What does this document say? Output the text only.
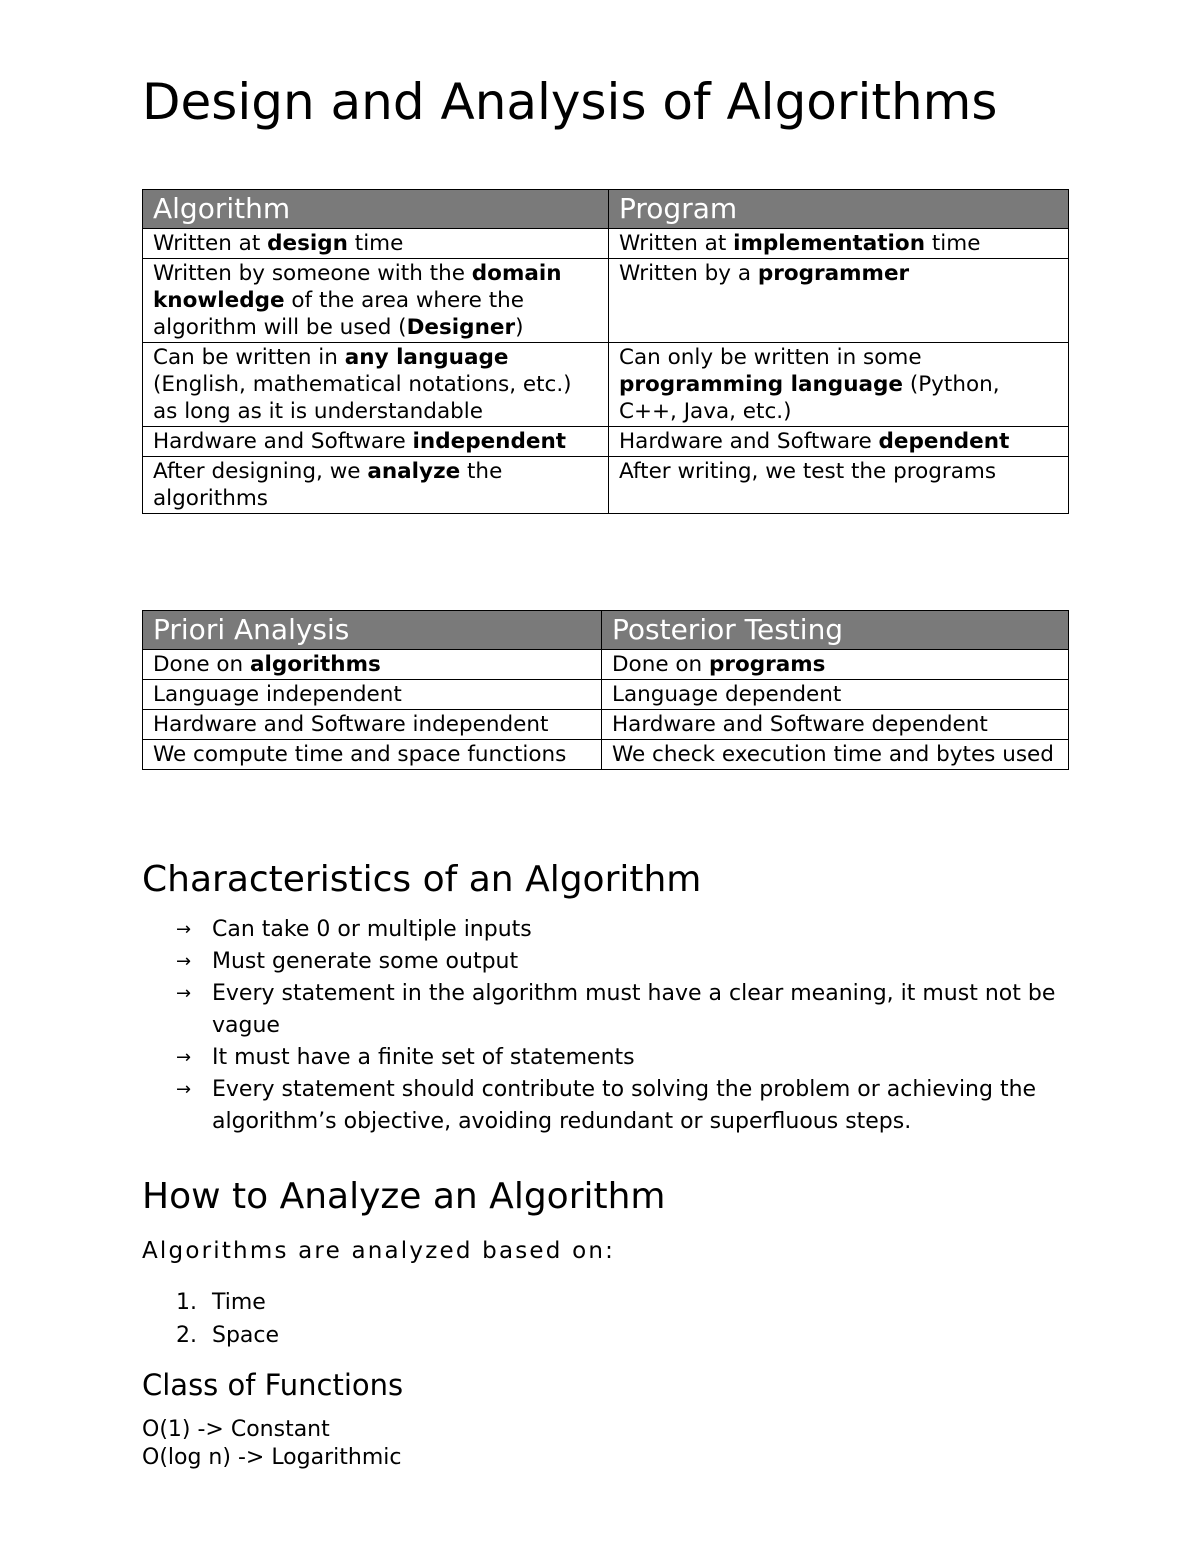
Design and Analysis of Algorithms
Algorithm	Program
Written at design time	Written at implementation time
Written by someone with the domain knowledge of the area where the algorithm will be used (Designer)	Written by a programmer
Can be written in any language (English, mathematical notations, etc.) as long as it is understandable	Can only be written in some programming language (Python, C++, Java, etc.)
Hardware and Software independent	Hardware and Software dependent
After designing, we analyze the algorithms	After writing, we test the programs
Priori Analysis	Posterior Testing
Done on algorithms	Done on programs
Language independent	Language dependent
Hardware and Software independent	Hardware and Software dependent
We compute time and space functions	We check execution time and bytes used
Characteristics of an Algorithm
→ Can take 0 or multiple inputs
→ Must generate some output
→ Every statement in the algorithm must have a clear meaning, it must not be vague
→ It must have a finite set of statements
→ Every statement should contribute to solving the problem or achieving the algorithm’s objective, avoiding redundant or superfluous steps.
How to Analyze an Algorithm

Algorithms are analyzed based on:

1. Time
2. Space
Class of Functions
O(1) -> Constant
O(log n) -> Logarithmic
